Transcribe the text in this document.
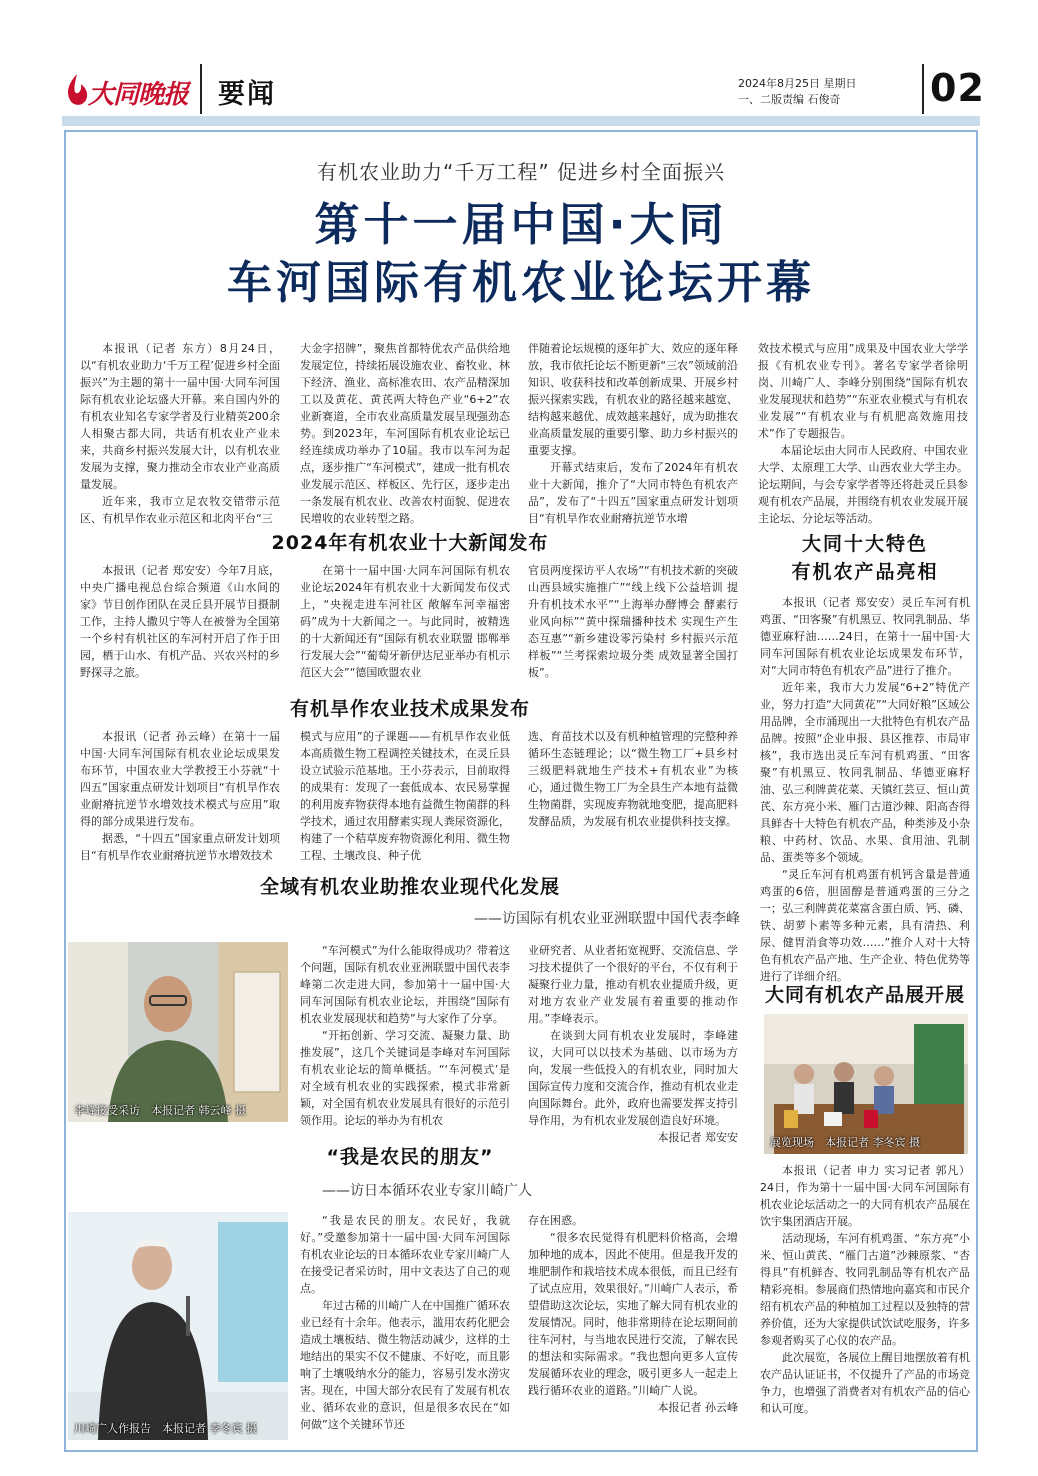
大同晚报 要闻	2024年8月25日 星期日
一、二版责编 石俊奇	02
有机农业助力“千万工程” 促进乡村全面振兴
第十一届中国·大同
车河国际有机农业论坛开幕

本报讯（记者 东方）8月24日，以“有机农业助力‘千万工程’促进乡村全面振兴”为主题的第十一届中国·大同车河国际有机农业论坛盛大开幕。来自国内外的有机农业知名专家学者及行业精英200余人相聚古都大同，共话有机农业产业未来，共商乡村振兴发展大计，以有机农业发展为支撑，聚力推动全市农业产业高质量发展。

近年来，我市立足农牧交错带示范区、有机旱作农业示范区和北肉平台“三

大金字招牌”，聚焦首都特优农产品供给地发展定位，持续拓展设施农业、畜牧业、林下经济、渔业、高标准农田、农产品精深加工以及黄花、黄芪两大特色产业“6+2”农业新赛道，全市农业高质量发展呈现强劲态势。到2023年，车河国际有机农业论坛已经连续成功举办了10届。我市以车河为起点，逐步推广“车河模式”，建成一批有机农业发展示范区、样板区、先行区，逐步走出一条发展有机农业、改善农村面貌、促进农民增收的农业转型之路。

伴随着论坛规模的逐年扩大、效应的逐年释放，我市依托论坛不断更新“三农”领域前沿知识、收获科技和改革创新成果、开展乡村振兴探索实践，有机农业的路径越来越宽、结构越来越优、成效越来越好，成为助推农业高质量发展的重要引擎、助力乡村振兴的重要支撑。

开幕式结束后，发布了2024年有机农业十大新闻，推介了“大同市特色有机农产品”，发布了“十四五”国家重点研发计划项目“有机旱作农业耐瘠抗逆节水增

效技术模式与应用”成果及中国农业大学学报《有机农业专刊》。著名专家学者徐明岗、川崎广人、李峰分别围绕“国际有机农业发展现状和趋势”“东亚农业模式与有机农业发展”“有机农业与有机肥高效施用技术”作了专题报告。

本届论坛由大同市人民政府、中国农业大学、太原理工大学、山西农业大学主办。论坛期间，与会专家学者等还将赴灵丘县参观有机农产品展，并围绕有机农业发展开展主论坛、分论坛等活动。

2024年有机农业十大新闻发布

本报讯（记者 郑安安）今年7月底，中央广播电视总台综合频道《山水间的家》节目创作团队在灵丘县开展节目摄制工作，主持人撒贝宁等人在被誉为全国第一个乡村有机社区的车河村开启了作于田园，栖于山水、有机产品、兴农兴村的乡野探寻之旅。

在第十一届中国·大同车河国际有机农业论坛2024年有机农业十大新闻发布仪式上，“央视走进车河社区 敞解车河幸福密码”成为十大新闻之一。与此同时，被精选的十大新闻还有“国际有机农业联盟 邯郸举行发展大会”“葡萄牙新伊达尼亚举办有机示范区大会”“德国欧盟农业

官员两度探访平人农场”“有机技术新的突破 山西县域实施推广”“线上线下公益培训 提升有机技术水平”“上海举办酵博会 酵素行业风向标”“黄中探瑞播种技术 实现生产生态互惠”“新乡建设零污染村 乡村振兴示范样板”“兰考探索垃圾分类 成效显著全国打板”。

有机旱作农业技术成果发布

本报讯（记者 孙云峰）在第十一届中国·大同车河国际有机农业论坛成果发布环节，中国农业大学教授王小芬就“十四五”国家重点研发计划项目“有机旱作农业耐瘠抗逆节水增效技术模式与应用”取得的部分成果进行发布。

据悉，“十四五”国家重点研发计划项目“有机旱作农业耐瘠抗逆节水增效技术

模式与应用”的子课题——有机旱作农业低本高质微生物工程调控关键技术，在灵丘县设立试验示范基地。王小芬表示，目前取得的成果有：发现了一套低成本、农民易掌握的利用废弃物获得本地有益微生物菌群的科学技术，通过农用酵素实现人粪尿资源化，构建了一个秸草废弃物资源化利用、微生物工程、土壤改良、种子优

选、育苗技术以及有机种植管理的完整种养循环生态链理论；以“微生物工厂+县乡村三级肥料就地生产技术+有机农业”为核心，通过微生物工厂为全县生产本地有益微生物菌群，实现废弃物就地变肥，提高肥料发酵品质，为发展有机农业提供科技支撑。

全域有机农业助推农业现代化发展
——访国际有机农业亚洲联盟中国代表李峰
李峰接受采访　本报记者 韩云峰 摄

“车河模式”为什么能取得成功？带着这个问题，国际有机农业亚洲联盟中国代表李峰第二次走进大同，参加第十一届中国·大同车河国际有机农业论坛，并围绕“国际有机农业发展现状和趋势”与大家作了分享。

“开拓创新、学习交流、凝聚力量、助推发展”，这几个关键词是李峰对车河国际有机农业论坛的简单概括。“‘车河模式’是对全域有机农业的实践探索，模式非常新颖，对全国有机农业发展具有很好的示范引领作用。论坛的举办为有机农

业研究者、从业者拓宽视野、交流信息、学习技术提供了一个很好的平台，不仅有利于凝聚行业力量，推动有机农业提质升级，更对地方农业产业发展有着重要的推动作用。”李峰表示。

在谈到大同有机农业发展时，李峰建议，大同可以以技术为基础、以市场为方向，发展一些低投入的有机农业，同时加大国际宣传力度和交流合作，推动有机农业走向国际舞台。此外，政府也需要发挥支持引导作用，为有机农业发展创造良好环境。

本报记者 郑安安
“我是农民的朋友”
——访日本循环农业专家川崎广人
川崎广人作报告　本报记者 李冬宾 摄

“我是农民的朋友。农民好，我就好。”受邀参加第十一届中国·大同车河国际有机农业论坛的日本循环农业专家川崎广人在接受记者采访时，用中文表达了自己的观点。

年过古稀的川崎广人在中国推广循环农业已经有十余年。他表示，滥用农药化肥会造成土壤板结、微生物活动减少，这样的土地结出的果实不仅不健康、不好吃，而且影响了土壤吸纳水分的能力，容易引发水涝灾害。现在，中国大部分农民有了发展有机农业、循环农业的意识，但是很多农民在“如何做”这个关键环节还

存在困惑。

“很多农民觉得有机肥料价格高，会增加种地的成本，因此不使用。但是我开发的堆肥制作和栽培技术成本很低，而且已经有了试点应用，效果很好。”川崎广人表示，希望借助这次论坛，实地了解大同有机农业的发展情况。同时，他非常期待在论坛期间前往车河村，与当地农民进行交流，了解农民的想法和实际需求。“我也想向更多人宣传发展循环农业的理念，吸引更多人一起走上践行循环农业的道路。”川崎广人说。

本报记者 孙云峰
大同十大特色
有机农产品亮相

本报讯（记者 郑安安）灵丘车河有机鸡蛋、“田客聚”有机黑豆、牧同乳制品、华德亚麻籽油……24日，在第十一届中国·大同车河国际有机农业论坛成果发布环节，对“大同市特色有机农产品”进行了推介。

近年来，我市大力发展“6+2”特优产业，努力打造“大同黄花”“大同好粮”区域公用品牌，全市涌现出一大批特色有机农产品品牌。按照“企业申报、县区推荐、市局审核”，我市选出灵丘车河有机鸡蛋、“田客聚”有机黑豆、牧同乳制品、华德亚麻籽油、弘三利牌黄花菜、天镇红芸豆、恒山黄芪、东方亮小米、雁门古道沙棘、阳高杏得具鲜杏十大特色有机农产品，种类涉及小杂粮、中药材、饮品、水果、食用油、乳制品、蛋类等多个领域。

“灵丘车河有机鸡蛋有机钙含量是普通鸡蛋的6倍，胆固醇是普通鸡蛋的三分之一；弘三利牌黄花菜富含蛋白质、钙、磷、铁、胡萝卜素等多种元素，具有清热、利尿、健胃消食等功效……”推介人对十大特色有机农产品产地、生产企业、特色优势等进行了详细介绍。

大同有机农产品展开展
展览现场　本报记者 李冬宾 摄

本报讯（记者 申力 实习记者 郭凡）24日，作为第十一届中国·大同车河国际有机农业论坛活动之一的大同有机农产品展在饮宇集团酒店开展。

活动现场，车河有机鸡蛋、“东方亮”小米、恒山黄芪、“雁门古道”沙棘原浆、“杏得具”有机鲜杏、牧同乳制品等有机农产品精彩亮相。参展商们热情地向嘉宾和市民介绍有机农产品的种植加工过程以及独特的营养价值，还为大家提供试饮试吃服务，许多参观者购买了心仪的农产品。

此次展览，各展位上醒目地摆放着有机农产品认证证书，不仅提升了产品的市场竞争力，也增强了消费者对有机农产品的信心和认可度。
